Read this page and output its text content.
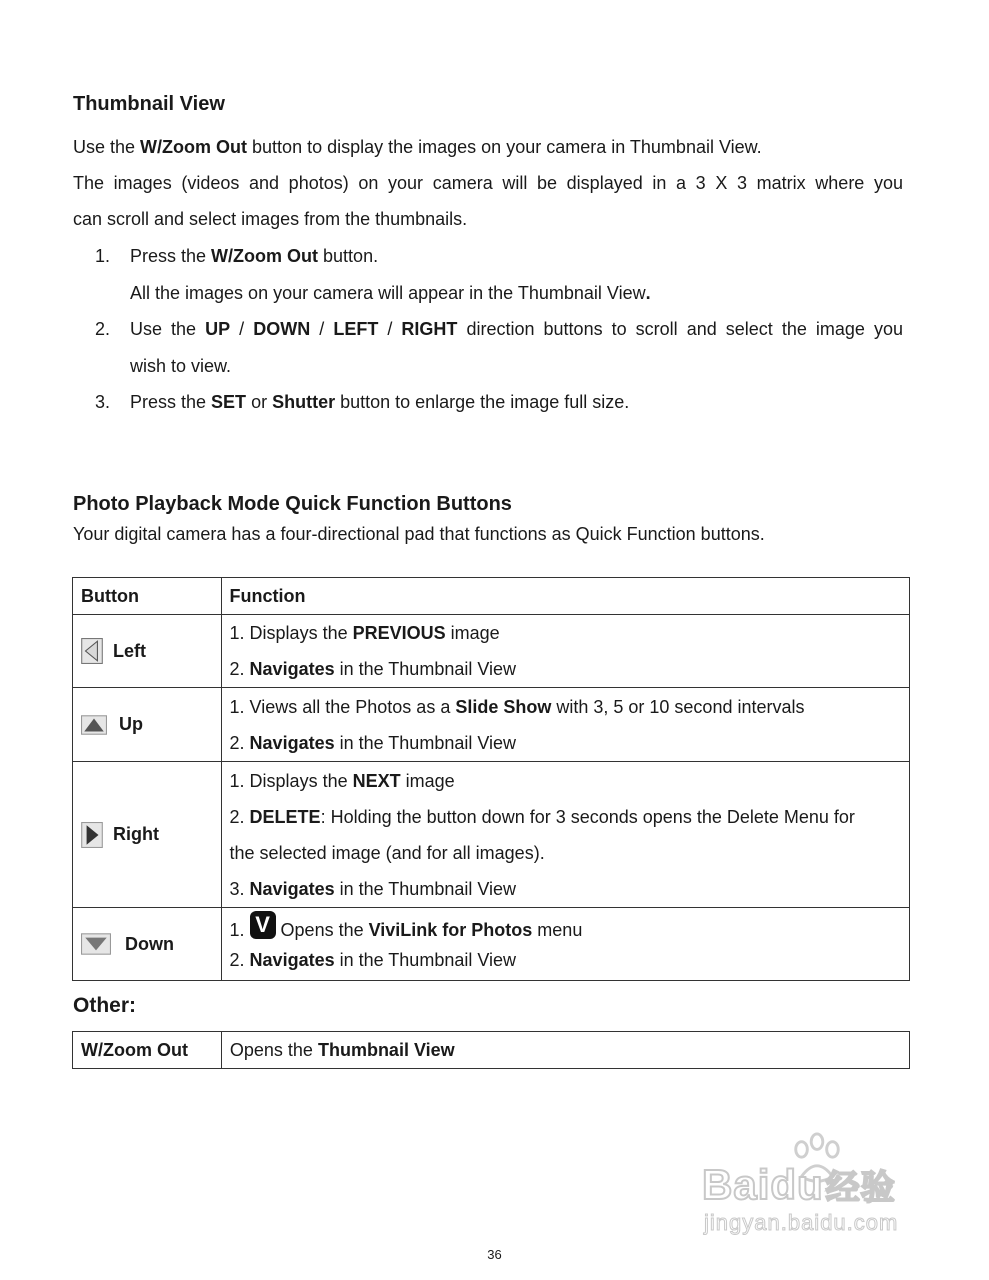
Thumbnail View
Use the W/Zoom Out button to display the images on your camera in Thumbnail View.
The images (videos and photos) on your camera will be displayed in a 3 X 3 matrix where you
can scroll and select images from the thumbnails.
1. Press the W/Zoom Out button.
All the images on your camera will appear in the Thumbnail View.
2. Use the UP / DOWN / LEFT / RIGHT direction buttons to scroll and select the image you
wish to view.
3. Press the SET or Shutter button to enlarge the image full size.
Photo Playback Mode Quick Function Buttons
Your digital camera has a four-directional pad that functions as Quick Function buttons.
Button	Function

Left	1. Displays the PREVIOUS image
2. Navigates in the Thumbnail View

Up	1. Views all the Photos as a Slide Show with 3, 5 or 10 second intervals
2. Navigates in the Thumbnail View

Right	1. Displays the NEXT image
2. DELETE: Holding the button down for 3 seconds opens the Delete Menu for
the selected image (and for all images).
3. Navigates in the Thumbnail View

Down	1. V Opens the ViviLink for Photos menu
2. Navigates in the Thumbnail View
Other:
W/Zoom Out	Opens the Thumbnail View
Baidu经验
jingyan.baidu.com
36
